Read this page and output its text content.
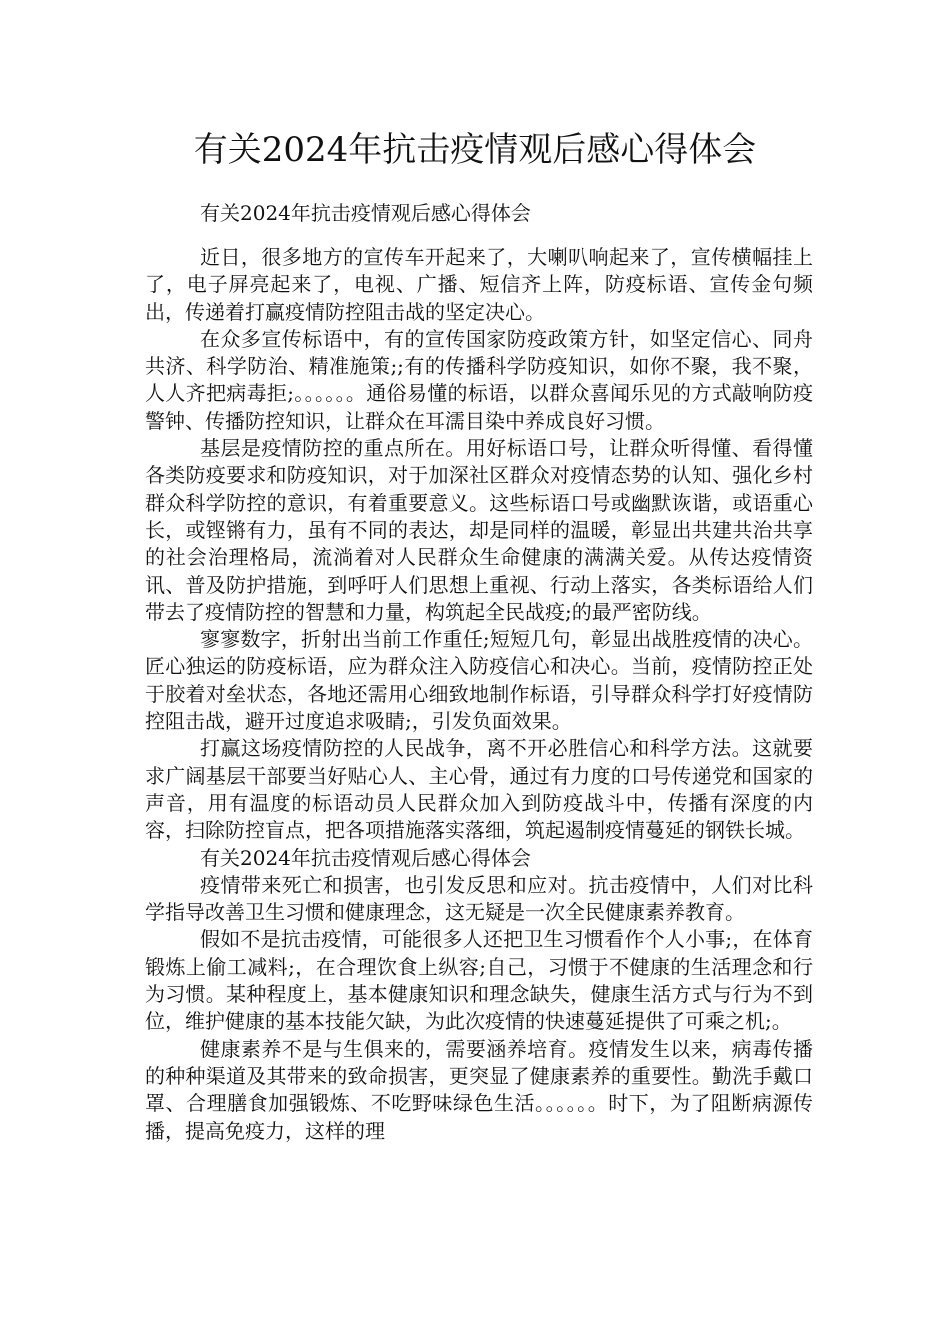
有关2024年抗击疫情观后感心得体会

有关2024年抗击疫情观后感心得体会

近日，很多地方的宣传车开起来了，大喇叭响起来了，宣传横幅挂上了，电子屏亮起来了，电视、广播、短信齐上阵，防疫标语、宣传金句频出，传递着打赢疫情防控阻击战的坚定决心。

在众多宣传标语中，有的宣传国家防疫政策方针，如坚定信心、同舟共济、科学防治、精准施策;;有的传播科学防疫知识，如你不聚，我不聚，人人齐把病毒拒;。。。。。。通俗易懂的标语，以群众喜闻乐见的方式敲响防疫警钟、传播防控知识，让群众在耳濡目染中养成良好习惯。

基层是疫情防控的重点所在。用好标语口号，让群众听得懂、看得懂各类防疫要求和防疫知识，对于加深社区群众对疫情态势的认知、强化乡村群众科学防控的意识，有着重要意义。这些标语口号或幽默诙谐，或语重心长，或铿锵有力，虽有不同的表达，却是同样的温暖，彰显出共建共治共享的社会治理格局，流淌着对人民群众生命健康的满满关爱。从传达疫情资讯、普及防护措施，到呼吁人们思想上重视、行动上落实，各类标语给人们带去了疫情防控的智慧和力量，构筑起全民战疫;的最严密防线。

寥寥数字，折射出当前工作重任;短短几句，彰显出战胜疫情的决心。匠心独运的防疫标语，应为群众注入防疫信心和决心。当前，疫情防控正处于胶着对垒状态，各地还需用心细致地制作标语，引导群众科学打好疫情防控阻击战，避开过度追求吸睛;，引发负面效果。

打赢这场疫情防控的人民战争，离不开必胜信心和科学方法。这就要求广阔基层干部要当好贴心人、主心骨，通过有力度的口号传递党和国家的声音，用有温度的标语动员人民群众加入到防疫战斗中，传播有深度的内容，扫除防控盲点，把各项措施落实落细，筑起遏制疫情蔓延的钢铁长城。

有关2024年抗击疫情观后感心得体会

疫情带来死亡和损害，也引发反思和应对。抗击疫情中，人们对比科学指导改善卫生习惯和健康理念，这无疑是一次全民健康素养教育。

假如不是抗击疫情，可能很多人还把卫生习惯看作个人小事;，在体育锻炼上偷工减料;，在合理饮食上纵容;自己，习惯于不健康的生活理念和行为习惯。某种程度上，基本健康知识和理念缺失，健康生活方式与行为不到位，维护健康的基本技能欠缺，为此次疫情的快速蔓延提供了可乘之机;。

健康素养不是与生俱来的，需要涵养培育。疫情发生以来，病毒传播的种种渠道及其带来的致命损害，更突显了健康素养的重要性。勤洗手戴口罩、合理膳食加强锻炼、不吃野味绿色生活。。。。。。时下，为了阻断病源传播，提高免疫力，这样的理
